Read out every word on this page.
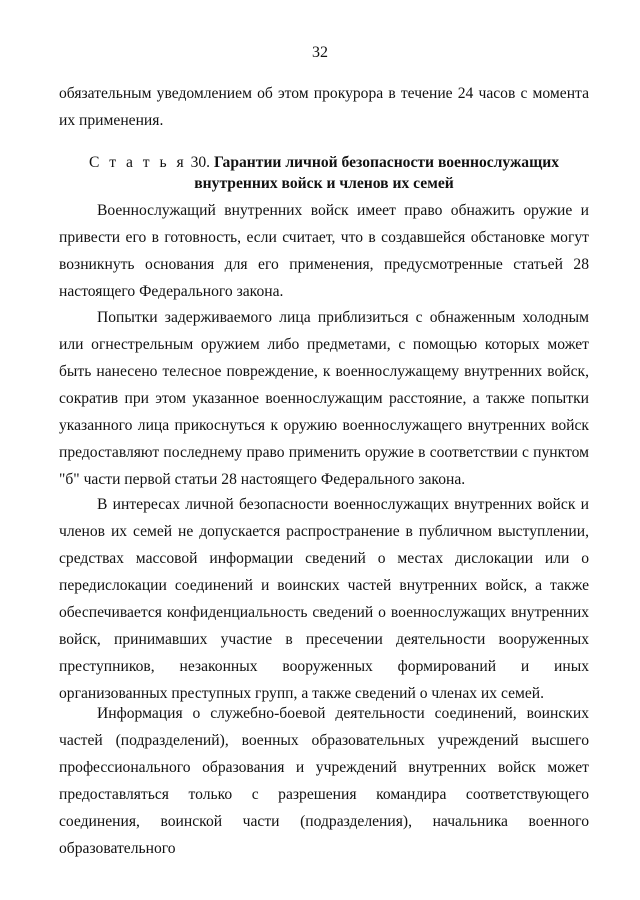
32
обязательным уведомлением об этом прокурора в течение 24 часов с момента их применения.
С т а т ь я 30. Гарантии личной безопасности военнослужащих внутренних войск и членов их семей
Военнослужащий внутренних войск имеет право обнажить оружие и привести его в готовность, если считает, что в создавшейся обстановке могут возникнуть основания для его применения, предусмотренные статьей 28 настоящего Федерального закона.
Попытки задерживаемого лица приблизиться с обнаженным холодным или огнестрельным оружием либо предметами, с помощью которых может быть нанесено телесное повреждение, к военнослужащему внутренних войск, сократив при этом указанное военнослужащим расстояние, а также попытки указанного лица прикоснуться к оружию военнослужащего внутренних войск предоставляют последнему право применить оружие в соответствии с пунктом "б" части первой статьи 28 настоящего Федерального закона.
В интересах личной безопасности военнослужащих внутренних войск и членов их семей не допускается распространение в публичном выступлении, средствах массовой информации сведений о местах дислокации или о передислокации соединений и воинских частей внутренних войск, а также обеспечивается конфиденциальность сведений о военнослужащих внутренних войск, принимавших участие в пресечении деятельности вооруженных преступников, незаконных вооруженных формирований и иных организованных преступных групп, а также сведений о членах их семей.
Информация о служебно-боевой деятельности соединений, воинских частей (подразделений), военных образовательных учреждений высшего профессионального образования и учреждений внутренних войск может предоставляться только с разрешения командира соответствующего соединения, воинской части (подразделения), начальника военного образовательного
